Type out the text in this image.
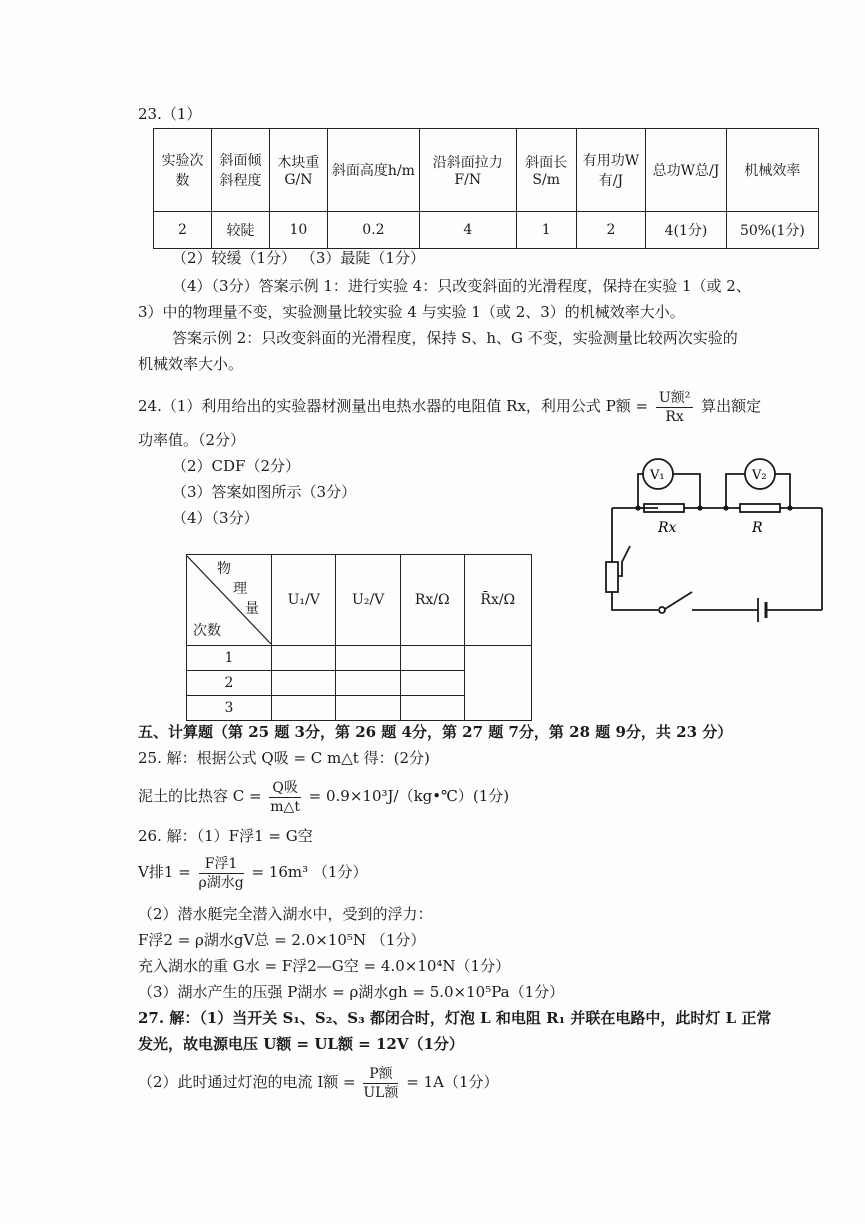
23.（1）
实验次数	斜面倾斜程度	木块重G/N	斜面高度h/m	沿斜面拉力F/N	斜面长S/m	有用功W有/J	总功W总/J	机械效率
2	较陡	10	0.2	4	1	2	4(1分)	50%(1分)
（2）较缓（1分） （3）最陡（1分）
（4）（3分）答案示例 1：进行实验 4：只改变斜面的光滑程度，保持在实验 1（或 2、
3）中的物理量不变，实验测量比较实验 4 与实验 1（或 2、3）的机械效率大小。
答案示例 2：只改变斜面的光滑程度，保持 S、h、G 不变，实验测量比较两次实验的
机械效率大小。
24.（1）利用给出的实验器材测量出电热水器的电阻值 Rx，利用公式 P额 = $\frac{\text{U额²}}{Rx}$ 算出额定
功率值。（2分）
（2）CDF（2分）
（3）答案如图所示（3分）
（4）（3分）
物
理
量
次数	U₁/V	U₂/V	Rx/Ω	R̄x/Ω
1				
2				
3				
V₁	V₂
Rx	R
五、计算题（第 25 题 3分，第 26 题 4分，第 27 题 7分，第 28 题 9分，共 23 分）
25. 解：根据公式 Q吸 = C m△t 得：(2分)
泥土的比热容 $C = \frac{\text{Q吸}}{m\triangle t}$ = 0.9×10³J/（kg•℃）(1分)
26. 解：（1）F浮1 = G空
V排$1 = \frac{\text{F浮1}}{\text{ρ湖水g}} = 16m^3$ （1分）
（2）潜水艇完全潜入湖水中，受到的浮力：
F浮2 = ρ湖水gV总 = 2.0×10⁵N （1分）
充入湖水的重 G水 = F浮2—G空 = 4.0×10⁴N（1分）
（3）湖水产生的压强 P湖水 = ρ湖水gh = 5.0×10⁵Pa（1分）
27. 解：（1）当开关 S₁、S₂、S₃ 都闭合时，灯泡 L 和电阻 R₁ 并联在电路中，此时灯 L 正常
发光，故电源电压 U额 = UL额 = 12V（1分）
（2）此时通过灯泡的电流 I额 = $\frac{\text{P额}}{\text{UL额}} = 1A(1$分）
